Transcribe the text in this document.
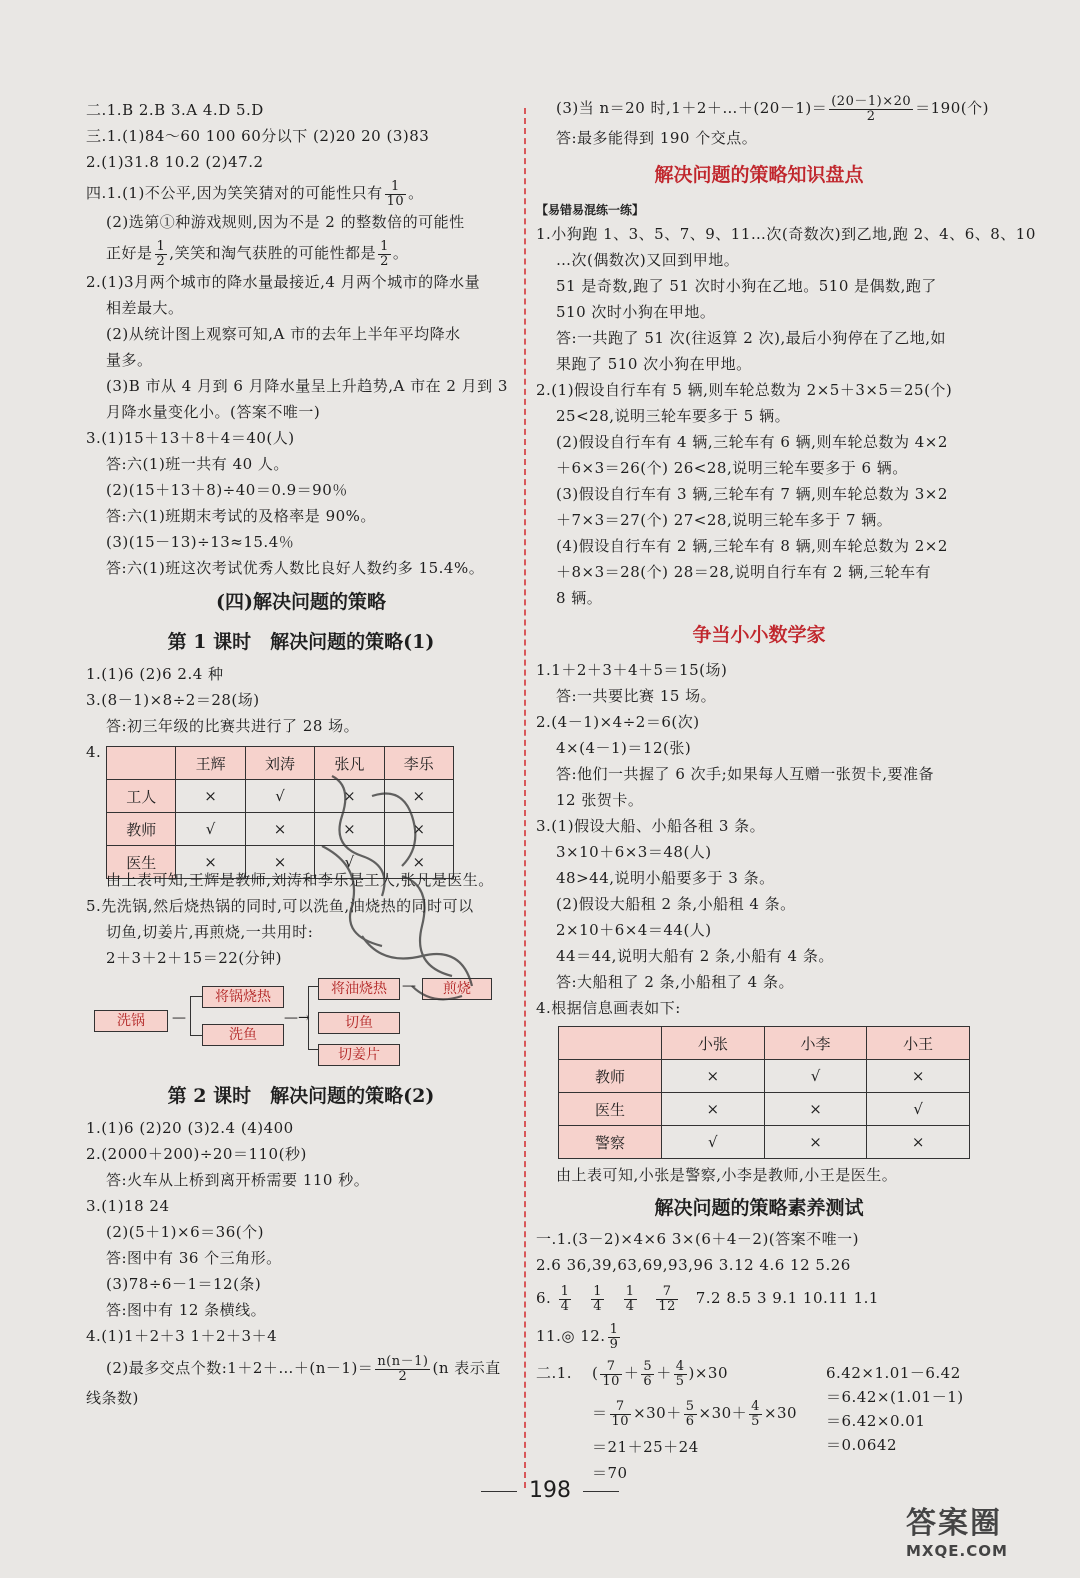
二.1.B 2.B 3.A 4.D 5.D
三.1.(1)84～60 100 60分以下 (2)20 20 (3)83
2.(1)31.8 10.2 (2)47.2
四.1.(1)不公平,因为笑笑猜对的可能性只有 $\frac{1}{10}$ 。
(2)选第①种游戏规则,因为不是 2 的整数倍的可能性
正好是 $\frac{1}{2}$ ,笑笑和淘气获胜的可能性都是 $\frac{1}{2}$ 。
2.(1)3月两个城市的降水量最接近,4 月两个城市的降水量
相差最大。
(2)从统计图上观察可知,A 市的去年上半年平均降水
量多。
(3)B 市从 4 月到 6 月降水量呈上升趋势,A 市在 2 月到 3
月降水量变化小。(答案不唯一)
3.(1)15＋13＋8＋4＝40(人)
答:六(1)班一共有 40 人。
(2)(15＋13＋8)÷40＝0.9＝90％
答:六(1)班期末考试的及格率是 90%。
(3)(15－13)÷13≈15.4％
答:六(1)班这次考试优秀人数比良好人数约多 15.4%。
(四)解决问题的策略
第 1 课时　解决问题的策略(1)
1.(1)6 (2)6 2.4 种
3.(8－1)×8÷2＝28(场)
答:初三年级的比赛共进行了 28 场。
4.
	王辉	刘涛	张凡	李乐
工人	×	√	×	×
教师	√	×	×	×
医生	×	×	√	×
由上表可知,王辉是教师,刘涛和李乐是工人,张凡是医生。
5.先洗锅,然后烧热锅的同时,可以洗鱼,油烧热的同时可以
切鱼,切姜片,再煎烧,一共用时:
2＋3＋2＋15＝22(分钟)
洗锅	—
将锅烧热
洗鱼
—→
将油烧热
切鱼
切姜片
—	煎烧
第 2 课时　解决问题的策略(2)
1.(1)6 (2)20 (3)2.4 (4)400
2.(2000＋200)÷20＝110(秒)
答:火车从上桥到离开桥需要 110 秒。
3.(1)18 24
(2)(5＋1)×6＝36(个)
答:图中有 36 个三角形。
(3)78÷6－1＝12(条)
答:图中有 12 条横线。
4.(1)1＋2＋3 1＋2＋3＋4
(2)最多交点个数:1＋2＋…＋(n－1)＝ $\frac{n(n-1)}{2} (n$ 表示直
线条数)
(3)当 n＝20 时,1＋2＋…＋(20－1)＝ $\frac{(20-1)\times 20}{2} =190$(个)
答:最多能得到 190 个交点。
解决问题的策略知识盘点
【易错易混练一练】
1.小狗跑 1、3、5、7、9、11…次(奇数次)到乙地,跑 2、4、6、8、10
…次(偶数次)又回到甲地。
51 是奇数,跑了 51 次时小狗在乙地。510 是偶数,跑了
510 次时小狗在甲地。
答:一共跑了 51 次(往返算 2 次),最后小狗停在了乙地,如
果跑了 510 次小狗在甲地。
2.(1)假设自行车有 5 辆,则车轮总数为 2×5＋3×5＝25(个)
25<28,说明三轮车要多于 5 辆。
(2)假设自行车有 4 辆,三轮车有 6 辆,则车轮总数为 4×2
＋6×3＝26(个) 26<28,说明三轮车要多于 6 辆。
(3)假设自行车有 3 辆,三轮车有 7 辆,则车轮总数为 3×2
＋7×3＝27(个) 27<28,说明三轮车多于 7 辆。
(4)假设自行车有 2 辆,三轮车有 8 辆,则车轮总数为 2×2
＋8×3＝28(个) 28＝28,说明自行车有 2 辆,三轮车有
8 辆。
争当小小数学家
1.1＋2＋3＋4＋5＝15(场)
答:一共要比赛 15 场。
2.(4－1)×4÷2＝6(次)
4×(4－1)＝12(张)
答:他们一共握了 6 次手;如果每人互赠一张贺卡,要准备
12 张贺卡。
3.(1)假设大船、小船各租 3 条。
3×10＋6×3＝48(人)
48>44,说明小船要多于 3 条。
(2)假设大船租 2 条,小船租 4 条。
2×10＋6×4＝44(人)
44＝44,说明大船有 2 条,小船有 4 条。
答:大船租了 2 条,小船租了 4 条。
4.根据信息画表如下:
	小张	小李	小王
教师	×	√	×
医生	×	×	√
警察	√	×	×
由上表可知,小张是警察,小李是教师,小王是医生。
解决问题的策略素养测试
一.1.(3－2)×4×6 3×(6＋4－2)(答案不唯一)
2.6 36,39,63,69,93,96 3.12 4.6 12 5.26
6. $\frac{1}{4}$
$\frac{1}{4}$
$\frac{1}{4}$
$\frac{7}{12} 7.2$ 8.5 3 9.1 10.11 1.1
11.◎ 12. $\frac{1}{9}$
二.1. ( $\frac{7}{10} + \frac{5}{6} + \frac{4}{5} )\times 30$
＝ $\frac{7}{10} \times 30+ \frac{5}{6} \times 30+ \frac{4}{5} \times 30$
＝21＋25＋24
＝70
6.42×1.01－6.42
＝6.42×(1.01－1)
＝6.42×0.01
＝0.0642
198
答案圈
MXQE.COM
